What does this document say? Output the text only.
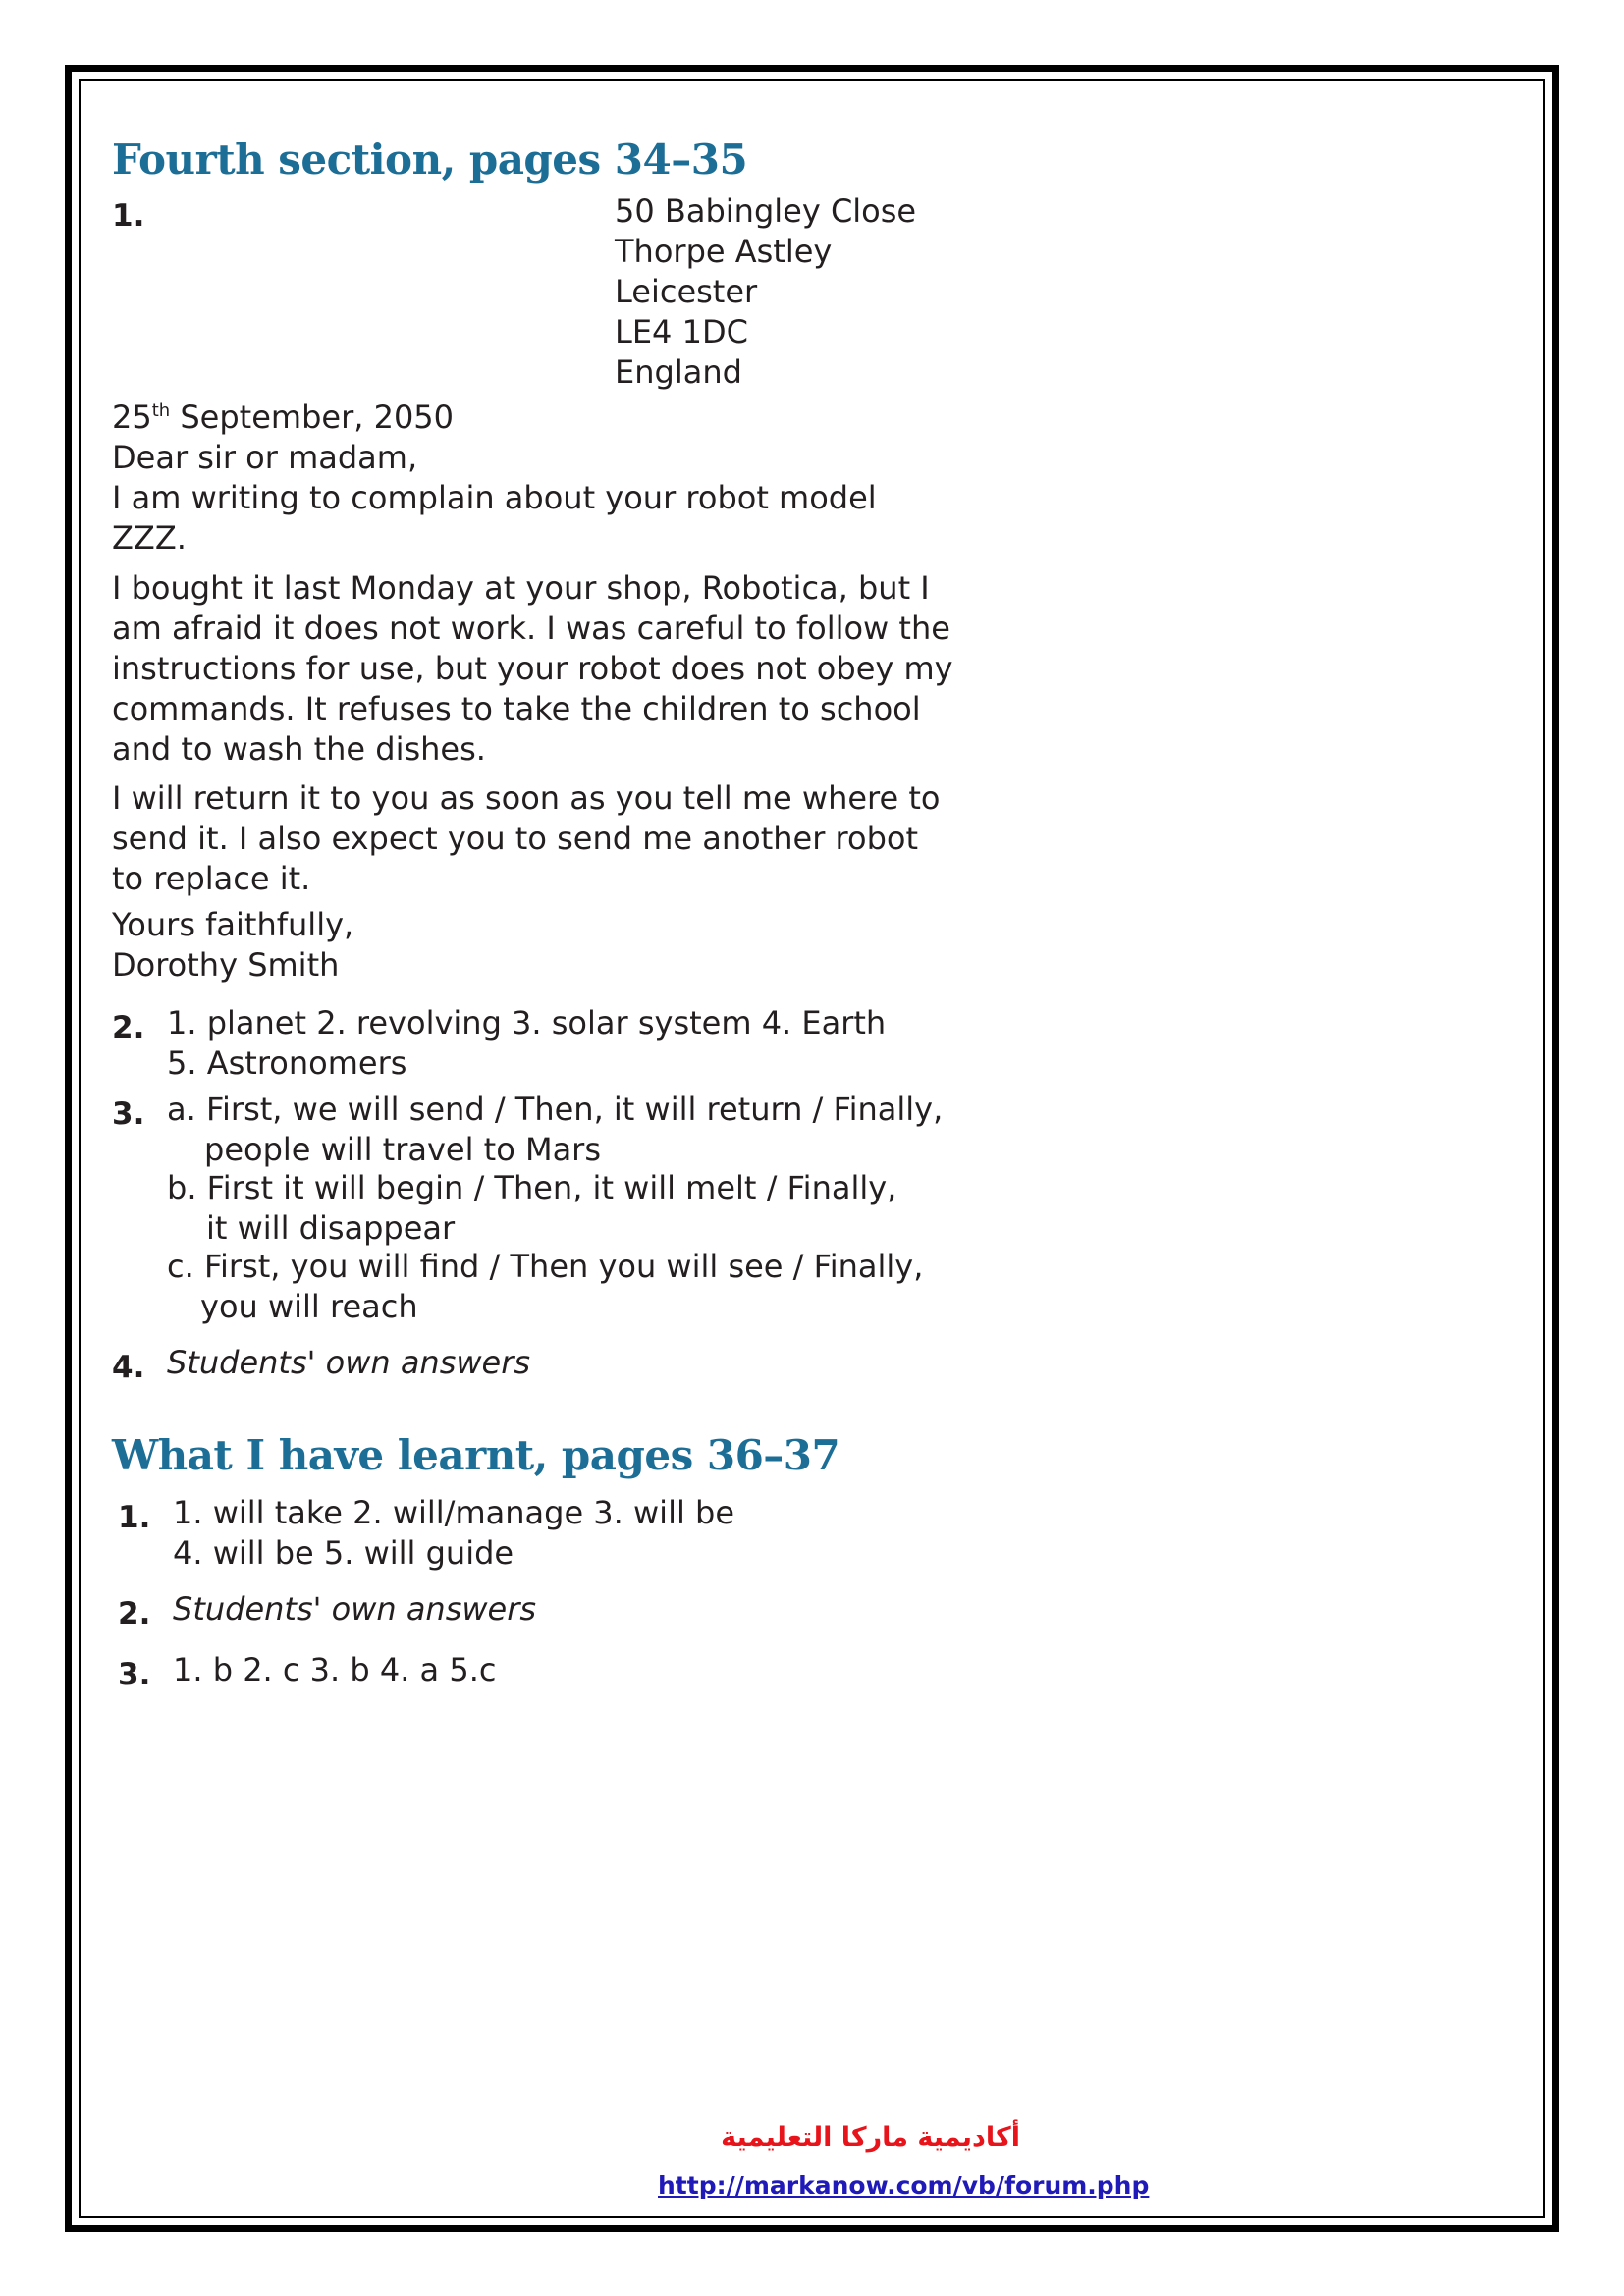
Fourth section, pages 34–35
1.	50 Babingley Close
Thorpe Astley
Leicester
LE4 1DC
England
25th September, 2050
Dear sir or madam,
I am writing to complain about your robot model
ZZZ.
I bought it last Monday at your shop, Robotica, but I
am afraid it does not work. I was careful to follow the
instructions for use, but your robot does not obey my
commands. It refuses to take the children to school
and to wash the dishes.
I will return it to you as soon as you tell me where to
send it. I also expect you to send me another robot
to replace it.
Yours faithfully,
Dorothy Smith
2. 1. planet 2. revolving 3. solar system 4. Earth
5. Astronomers
3. a. First, we will send / Then, it will return / Finally,
people will travel to Mars
b. First it will begin / Then, it will melt / Finally,
it will disappear
c. First, you will find / Then you will see / Finally,
you will reach
4. Students' own answers
What I have learnt, pages 36–37
1. 1. will take 2. will/manage 3. will be
4. will be 5. will guide
2. Students' own answers
3. 1. b 2. c 3. b 4. a 5.c
أكاديمية ماركا التعليمية
http://markanow.com/vb/forum.php
